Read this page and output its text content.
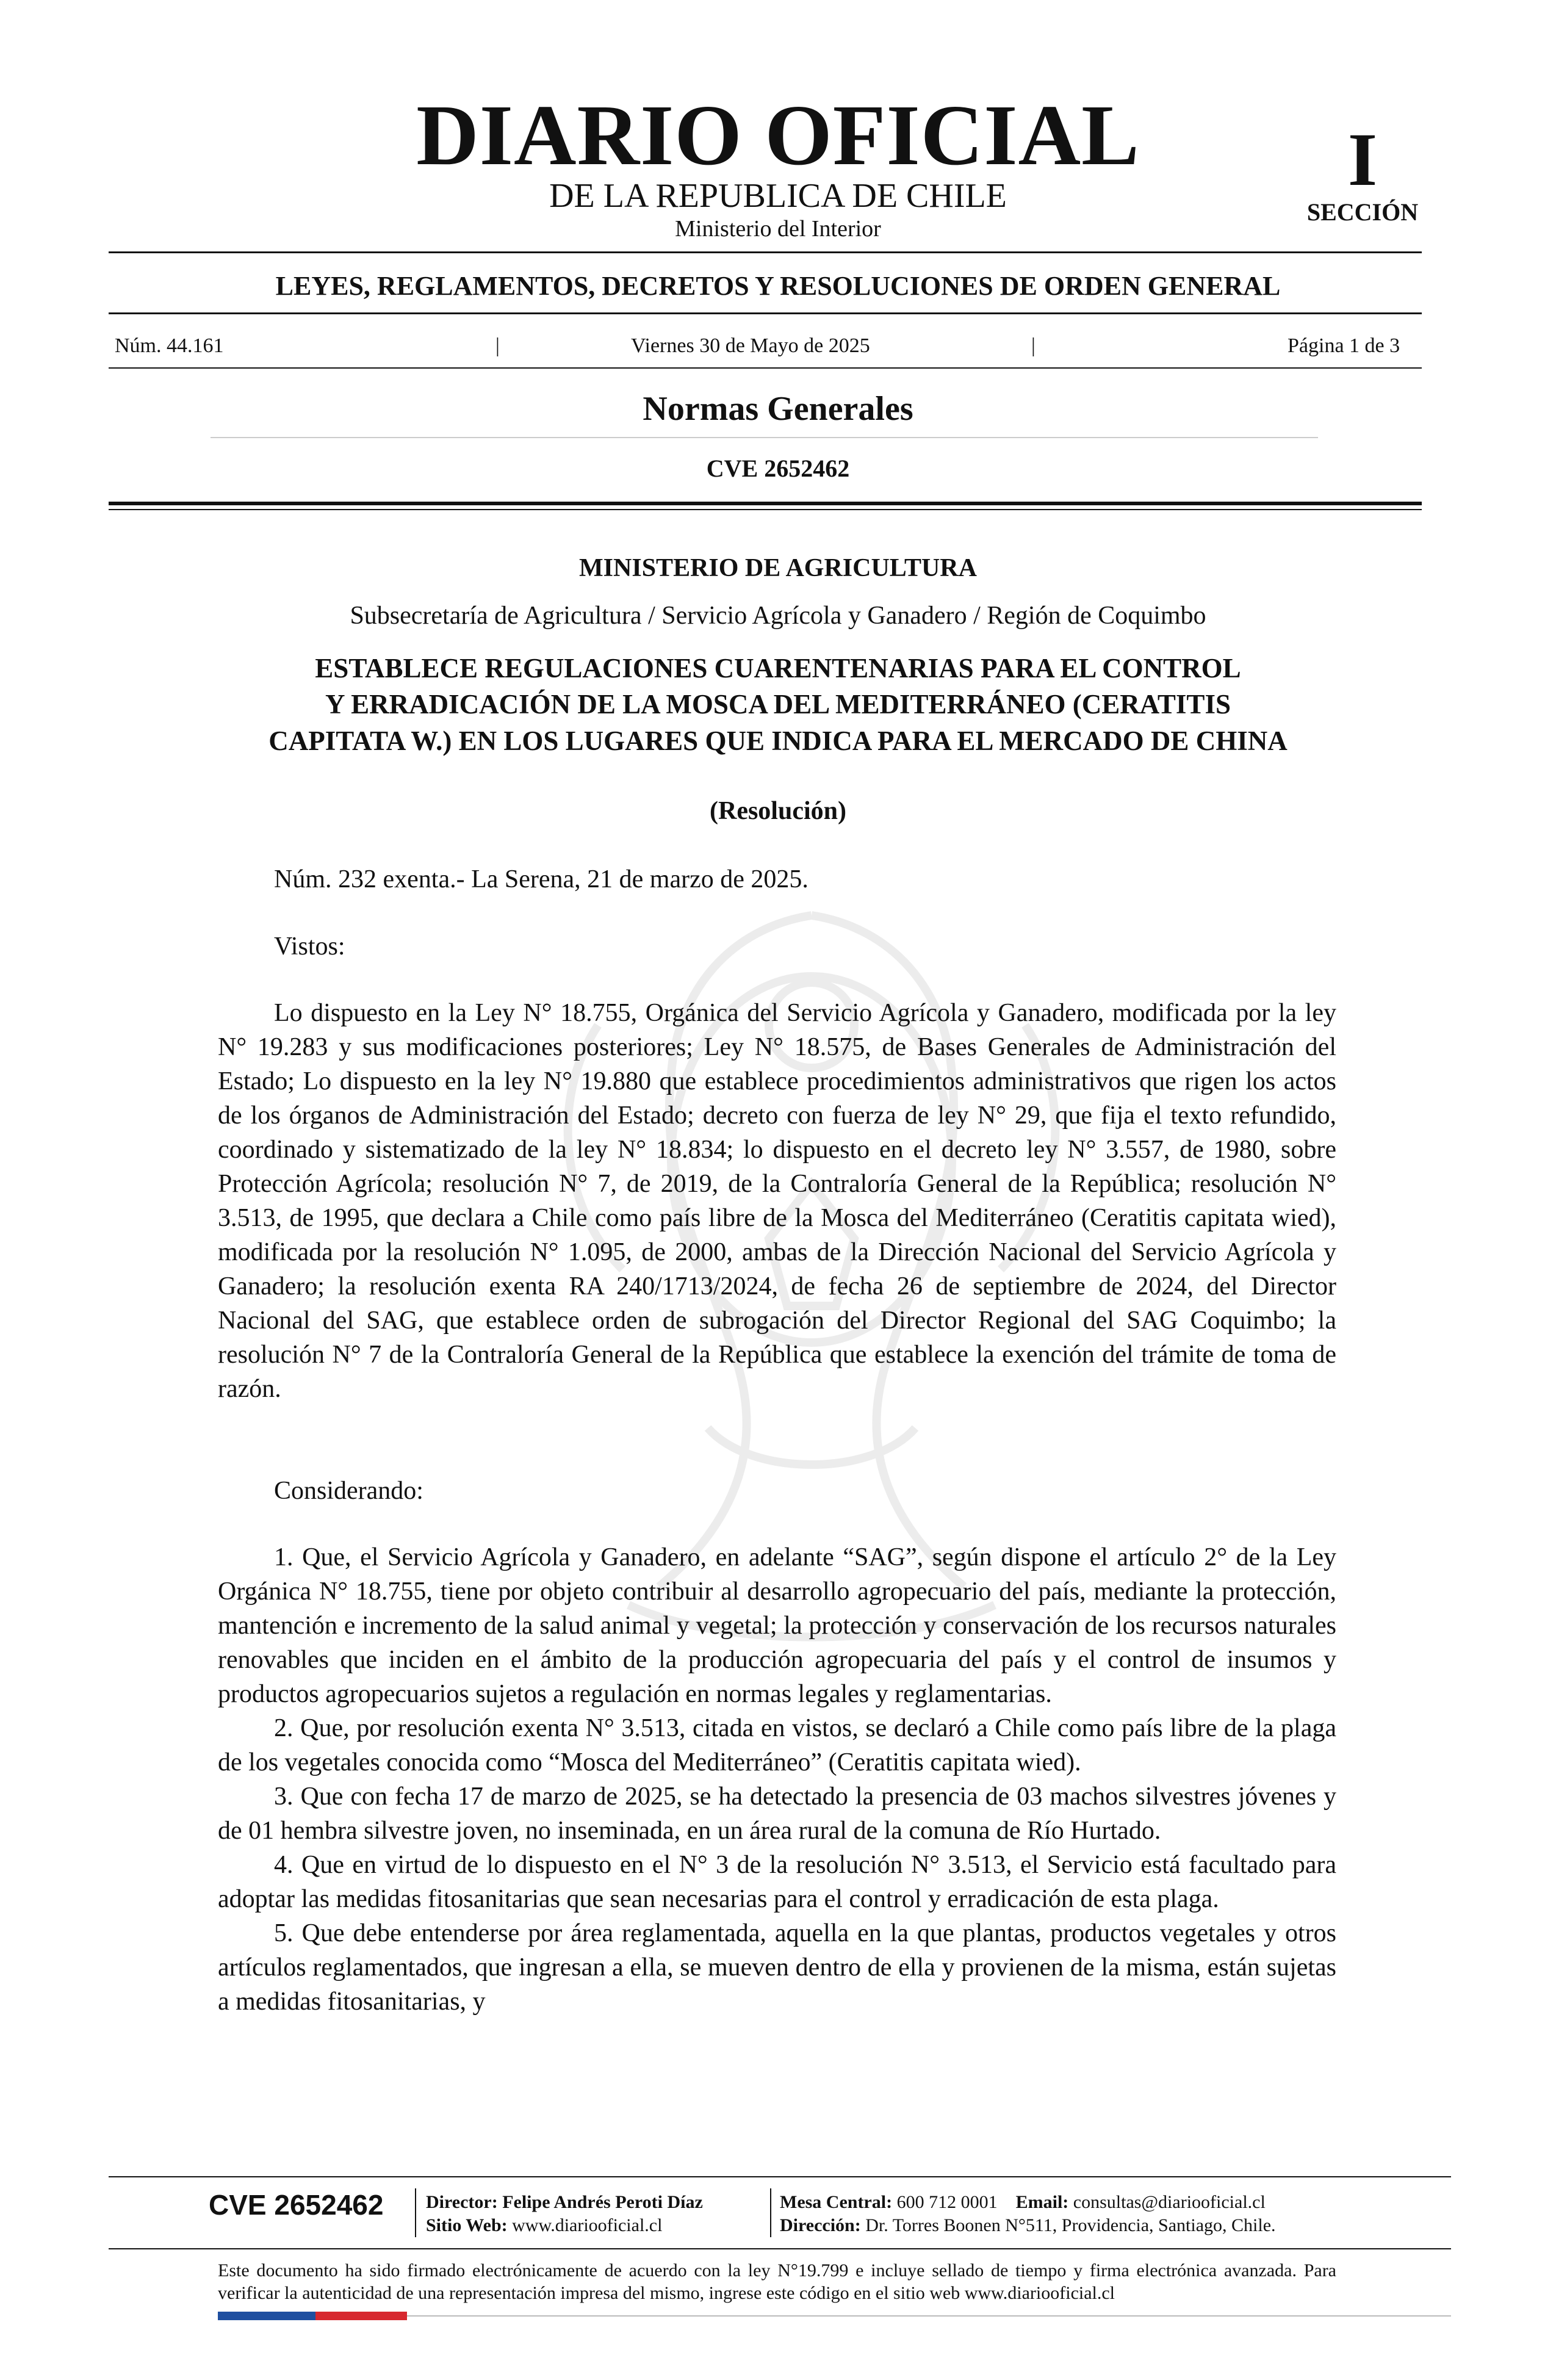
DIARIO OFICIAL
DE LA REPUBLICA DE CHILE
Ministerio del Interior
I
SECCIÓN
LEYES, REGLAMENTOS, DECRETOS Y RESOLUCIONES DE ORDEN GENERAL
Núm. 44.161	|	Viernes 30 de Mayo de 2025	|	Página 1 de 3
Normas Generales
CVE 2652462
MINISTERIO DE AGRICULTURA
Subsecretaría de Agricultura / Servicio Agrícola y Ganadero / Región de Coquimbo
ESTABLECE REGULACIONES CUARENTENARIAS PARA EL CONTROL
Y ERRADICACIÓN DE LA MOSCA DEL MEDITERRÁNEO (CERATITIS
CAPITATA W.) EN LOS LUGARES QUE INDICA PARA EL MERCADO DE CHINA
(Resolución)
Núm. 232 exenta.- La Serena, 21 de marzo de 2025.
Vistos:

Lo dispuesto en la Ley N° 18.755, Orgánica del Servicio Agrícola y Ganadero, modificada por la ley N° 19.283 y sus modificaciones posteriores; Ley N° 18.575, de Bases Generales de Administración del Estado; Lo dispuesto en la ley N° 19.880 que establece procedimientos administrativos que rigen los actos de los órganos de Administración del Estado; decreto con fuerza de ley N° 29, que fija el texto refundido, coordinado y sistematizado de la ley N° 18.834; lo dispuesto en el decreto ley N° 3.557, de 1980, sobre Protección Agrícola; resolución N° 7, de 2019, de la Contraloría General de la República; resolución N° 3.513, de 1995, que declara a Chile como país libre de la Mosca del Mediterráneo (Ceratitis capitata wied), modificada por la resolución N° 1.095, de 2000, ambas de la Dirección Nacional del Servicio Agrícola y Ganadero; la resolución exenta RA 240/1713/2024, de fecha 26 de septiembre de 2024, del Director Nacional del SAG, que establece orden de subrogación del Director Regional del SAG Coquimbo; la resolución N° 7 de la Contraloría General de la República que establece la exención del trámite de toma de razón.

Considerando:

1. Que, el Servicio Agrícola y Ganadero, en adelante “SAG”, según dispone el artículo 2° de la Ley Orgánica N° 18.755, tiene por objeto contribuir al desarrollo agropecuario del país, mediante la protección, mantención e incremento de la salud animal y vegetal; la protección y conservación de los recursos naturales renovables que inciden en el ámbito de la producción agropecuaria del país y el control de insumos y productos agropecuarios sujetos a regulación en normas legales y reglamentarias.

2. Que, por resolución exenta N° 3.513, citada en vistos, se declaró a Chile como país libre de la plaga de los vegetales conocida como “Mosca del Mediterráneo” (Ceratitis capitata wied).

3. Que con fecha 17 de marzo de 2025, se ha detectado la presencia de 03 machos silvestres jóvenes y de 01 hembra silvestre joven, no inseminada, en un área rural de la comuna de Río Hurtado.

4. Que en virtud de lo dispuesto en el N° 3 de la resolución N° 3.513, el Servicio está facultado para adoptar las medidas fitosanitarias que sean necesarias para el control y erradicación de esta plaga.

5. Que debe entenderse por área reglamentada, aquella en la que plantas, productos vegetales y otros artículos reglamentados, que ingresan a ella, se mueven dentro de ella y provienen de la misma, están sujetas a medidas fitosanitarias, y

CVE 2652462 Director: Felipe Andrés Peroti Díaz
Sitio Web: www.diariooficial.cl
Mesa Central: 600 712 0001 Email: consultas@diariooficial.cl
Dirección: Dr. Torres Boonen N°511, Providencia, Santiago, Chile.
Este documento ha sido firmado electrónicamente de acuerdo con la ley N°19.799 e incluye sellado de tiempo y firma electrónica avanzada. Para verificar la autenticidad de una representación impresa del mismo, ingrese este código en el sitio web www.diariooficial.cl
